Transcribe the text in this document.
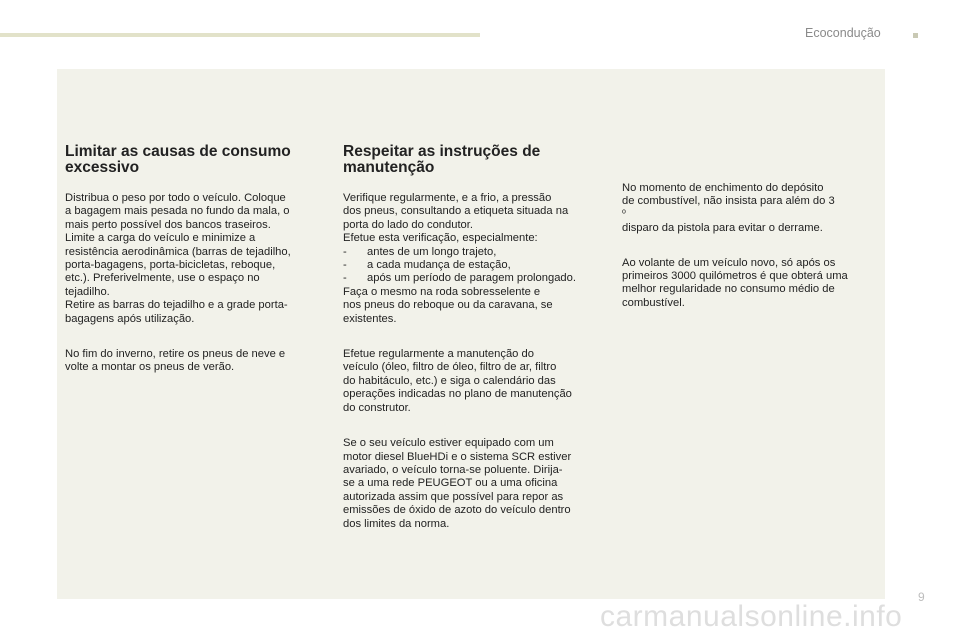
Ecocondução
Limitar as causas de consumo
excessivo
Distribua o peso por todo o veículo. Coloque
a bagagem mais pesada no fundo da mala, o
mais perto possível dos bancos traseiros.
Limite a carga do veículo e minimize a
resistência aerodinâmica (barras de tejadilho,
porta-bagagens, porta-bicicletas, reboque,
etc.). Preferivelmente, use o espaço no
tejadilho.
Retire as barras do tejadilho e a grade porta-
bagagens após utilização.
No fim do inverno, retire os pneus de neve e
volte a montar os pneus de verão.
Respeitar as instruções de
manutenção
Verifique regularmente, e a frio, a pressão
dos pneus, consultando a etiqueta situada na
porta do lado do condutor.
Efetue esta verificação, especialmente:
-	antes de um longo trajeto,
-	a cada mudança de estação,
-	após um período de paragem prolongado.
Faça o mesmo na roda sobresselente e
nos pneus do reboque ou da caravana, se
existentes.
Efetue regularmente a manutenção do
veículo (óleo, filtro de óleo, filtro de ar, filtro
do habitáculo, etc.) e siga o calendário das
operações indicadas no plano de manutenção
do construtor.
Se o seu veículo estiver equipado com um
motor diesel BlueHDi e o sistema SCR estiver
avariado, o veículo torna-se poluente. Dirija-
se a uma rede PEUGEOT ou a uma oficina
autorizada assim que possível para repor as
emissões de óxido de azoto do veículo dentro
dos limites da norma.
No momento de enchimento do depósito
de combustível, não insista para além do 3
$^o$
disparo da pistola para evitar o derrame.
Ao volante de um veículo novo, só após os
primeiros 3000 quilómetros é que obterá uma
melhor regularidade no consumo médio de
combustível.
carmanualsonline.info
9
